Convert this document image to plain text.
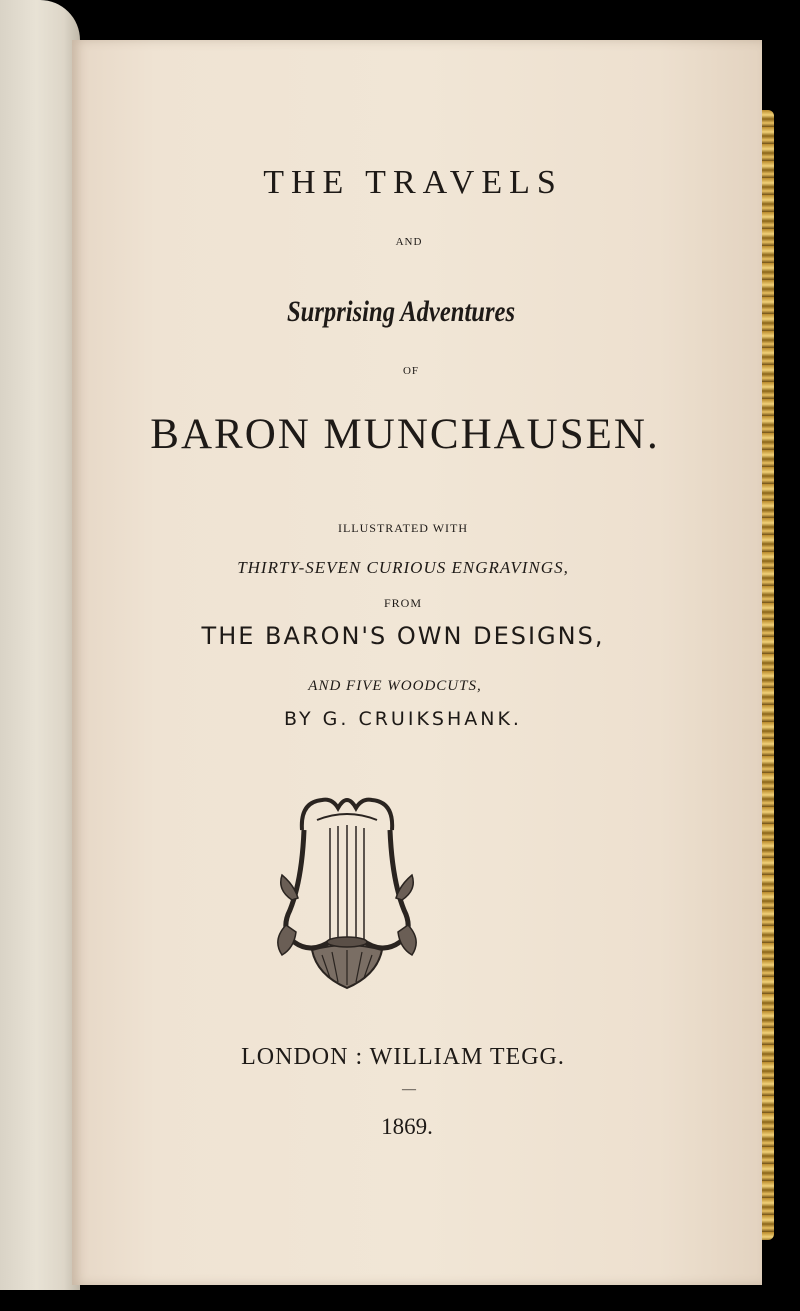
THE TRAVELS

AND

Surprising Adventures

OF

BARON MUNCHAUSEN.

ILLUSTRATED WITH

THIRTY-SEVEN CURIOUS ENGRAVINGS,

FROM

THE BARON'S OWN DESIGNS,

AND FIVE WOODCUTS,

BY G. CRUIKSHANK.

LONDON : WILLIAM TEGG.

—

1869.
